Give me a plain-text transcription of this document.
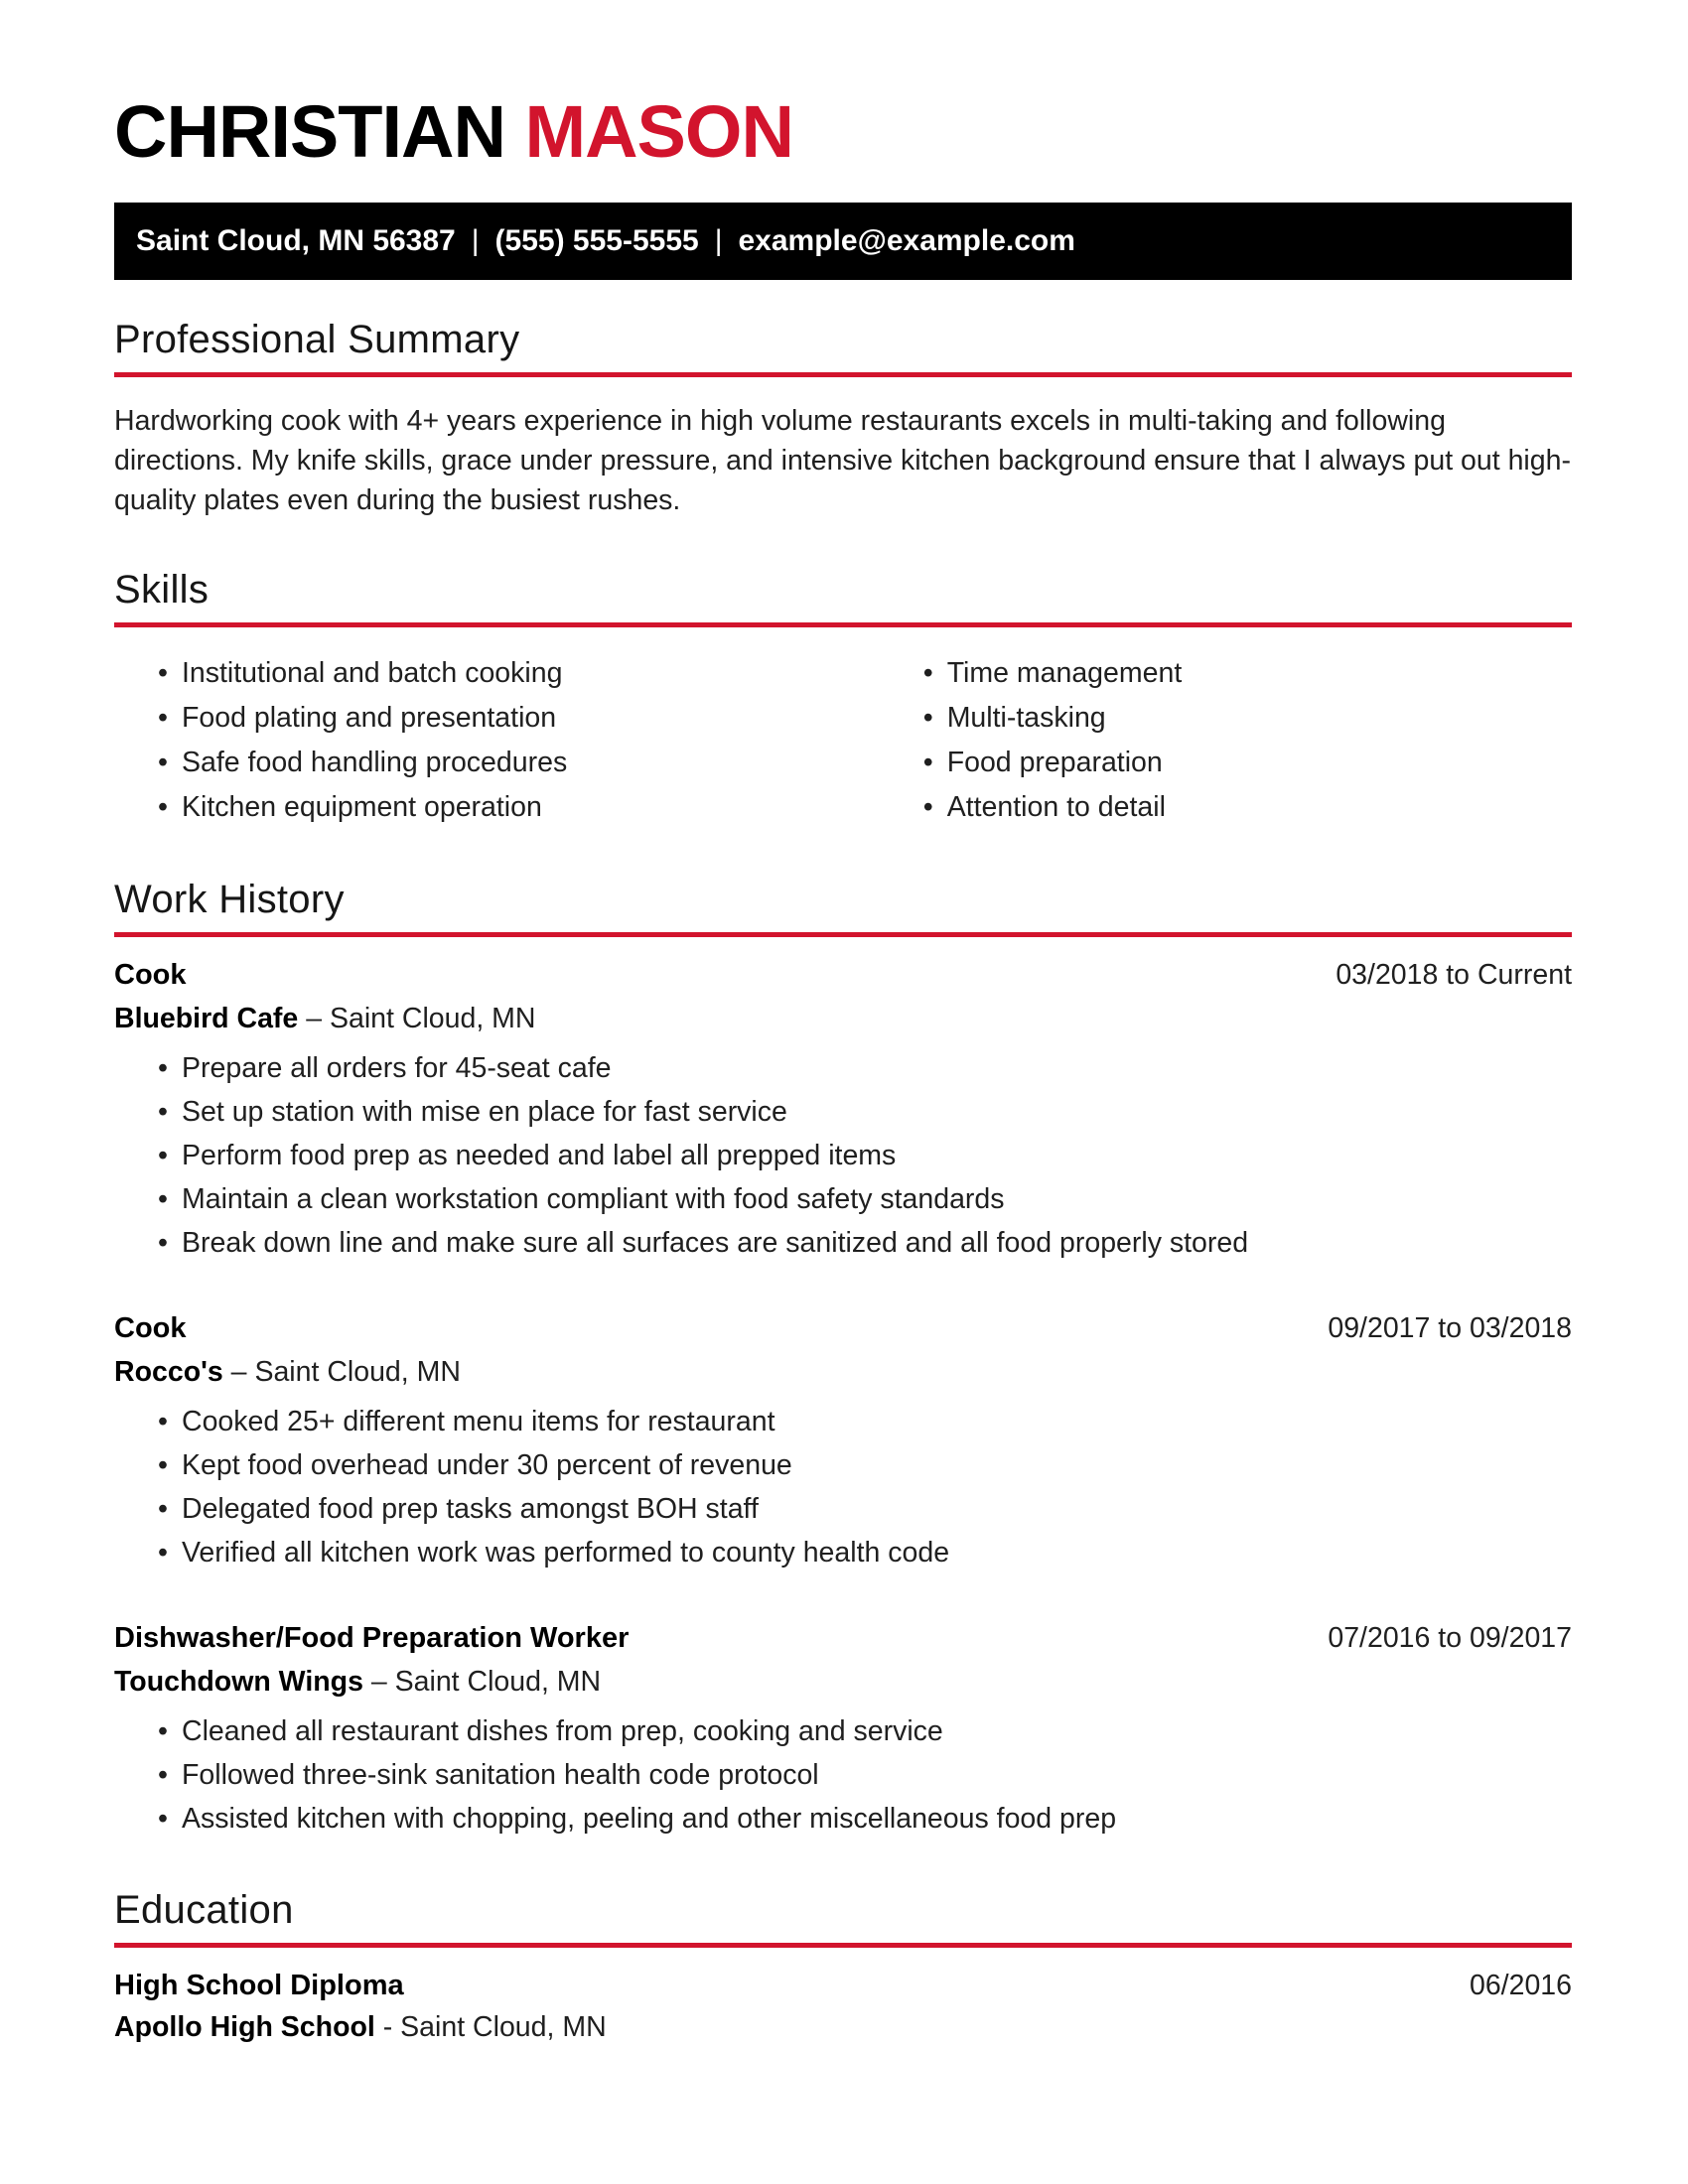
CHRISTIAN MASON
Saint Cloud, MN 56387 | (555) 555-5555 | example@example.com
Professional Summary

Hardworking cook with 4+ years experience in high volume restaurants excels in multi-taking and following directions. My knife skills, grace under pressure, and intensive kitchen background ensure that I always put out high-quality plates even during the busiest rushes.

Skills
• Institutional and batch cooking
• Food plating and presentation
• Safe food handling procedures
• Kitchen equipment operation
• Time management
• Multi-tasking
• Food preparation
• Attention to detail
Work History
Cook	03/2018 to Current
Bluebird Cafe – Saint Cloud, MN
• Prepare all orders for 45-seat cafe
• Set up station with mise en place for fast service
• Perform food prep as needed and label all prepped items
• Maintain a clean workstation compliant with food safety standards
• Break down line and make sure all surfaces are sanitized and all food properly stored
Cook	09/2017 to 03/2018
Rocco's – Saint Cloud, MN
• Cooked 25+ different menu items for restaurant
• Kept food overhead under 30 percent of revenue
• Delegated food prep tasks amongst BOH staff
• Verified all kitchen work was performed to county health code
Dishwasher/Food Preparation Worker	07/2016 to 09/2017
Touchdown Wings – Saint Cloud, MN
• Cleaned all restaurant dishes from prep, cooking and service
• Followed three-sink sanitation health code protocol
• Assisted kitchen with chopping, peeling and other miscellaneous food prep
Education
High School Diploma	06/2016
Apollo High School - Saint Cloud, MN
